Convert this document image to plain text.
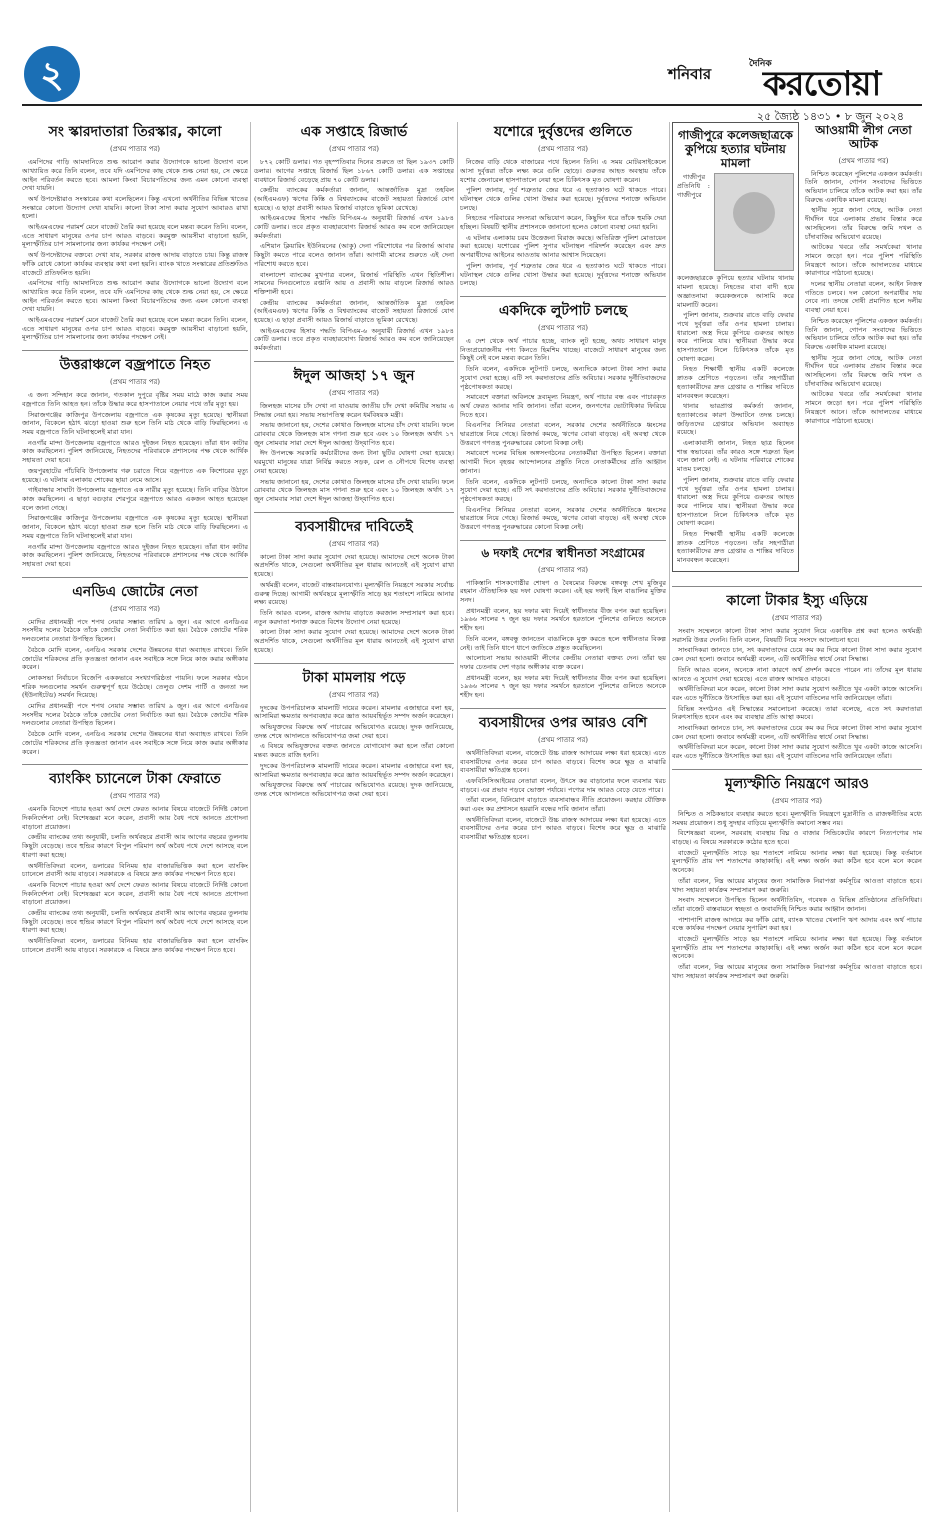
২	শনিবার
দৈনিক
করতোয়া
২৫ জ্যৈষ্ঠ ১৪৩১ • ৮ জুন ২০২৪
সং স্কারদাতারা তিরস্কার, কালো
(প্রথম পাতার পর)

এমপিদের গাড়ি আমদানিতে শুল্ক আরোপ করার উদ্যোগকে ভালো উদ্যোগ বলে আখ্যায়িত করে তিনি বলেন, তবে যদি এমপিদের কাছ থেকে শুল্ক নেয়া হয়, সে ক্ষেত্রে আইন পরিবর্তন করতে হবে। আমলা কিংবা বিচারপতিদের জন্য এমন কোনো ব্যবস্থা দেখা যায়নি।

অর্থ উপদেষ্টারাও সংস্কারের কথা বলেছিলেন। কিন্তু এখনো অর্থনীতির বিভিন্ন খাতের সংস্কারে কোনো উদ্যোগ দেখা যায়নি। কালো টাকা সাদা করার সুযোগ আবারও রাখা হলো।

আইএমএফের পরামর্শ মেনে বাজেট তৈরি করা হয়েছে বলে মন্তব্য করেন তিনি। বলেন, এতে সাধারণ মানুষের ওপর চাপ আরও বাড়বে। করমুক্ত আয়সীমা বাড়ানো হয়নি, মূল্যস্ফীতির চাপ সামলানোর জন্য কার্যকর পদক্ষেপ নেই।

অর্থ উপদেষ্টাদের বক্তব্যে দেখা যায়, সরকার রাজস্ব আদায় বাড়াতে চায়। কিন্তু রাজস্ব ফাঁকি রোধে কোনো কার্যকর ব্যবস্থার কথা বলা হয়নি। ব্যাংক খাতে সংস্কারের প্রতিশ্রুতিও বাজেটে প্রতিফলিত হয়নি।

এমপিদের গাড়ি আমদানিতে শুল্ক আরোপ করার উদ্যোগকে ভালো উদ্যোগ বলে আখ্যায়িত করে তিনি বলেন, তবে যদি এমপিদের কাছ থেকে শুল্ক নেয়া হয়, সে ক্ষেত্রে আইন পরিবর্তন করতে হবে। আমলা কিংবা বিচারপতিদের জন্য এমন কোনো ব্যবস্থা দেখা যায়নি।

আইএমএফের পরামর্শ মেনে বাজেট তৈরি করা হয়েছে বলে মন্তব্য করেন তিনি। বলেন, এতে সাধারণ মানুষের ওপর চাপ আরও বাড়বে। করমুক্ত আয়সীমা বাড়ানো হয়নি, মূল্যস্ফীতির চাপ সামলানোর জন্য কার্যকর পদক্ষেপ নেই।

উত্তরাঞ্চলে বজ্রপাতে নিহত
(প্রথম পাতার পর)

এ জন্য সন্দিহান করে জানান, গতকাল দুপুরে বৃষ্টির সময় মাঠে কাজ করার সময় বজ্রপাতে তিনি আহত হন। তাঁকে উদ্ধার করে হাসপাতালে নেয়ার পথে তাঁর মৃত্যু হয়।

সিরাজগঞ্জের কাজিপুর উপজেলায় বজ্রপাতে এক কৃষকের মৃত্যু হয়েছে। স্থানীয়রা জানান, বিকেলে হঠাৎ ঝড়ো হাওয়া শুরু হলে তিনি মাঠ থেকে বাড়ি ফিরছিলেন। এ সময় বজ্রপাতে তিনি ঘটনাস্থলেই মারা যান।

নওগাঁর মান্দা উপজেলায় বজ্রপাতে আরও দুইজন নিহত হয়েছেন। তাঁরা ধান কাটার কাজ করছিলেন। পুলিশ জানিয়েছে, নিহতদের পরিবারকে প্রশাসনের পক্ষ থেকে আর্থিক সহায়তা দেয়া হবে।

জয়পুরহাটের পাঁচবিবি উপজেলায় গরু চরাতে গিয়ে বজ্রপাতে এক কিশোরের মৃত্যু হয়েছে। এ ঘটনায় এলাকায় শোকের ছায়া নেমে আসে।

গাইবান্ধার সাঘাটা উপজেলায় বজ্রপাতে এক নারীর মৃত্যু হয়েছে। তিনি বাড়ির উঠানে কাজ করছিলেন। এ ছাড়া বগুড়ার শেরপুরে বজ্রপাতে আরও একজন আহত হয়েছেন বলে জানা গেছে।

সিরাজগঞ্জের কাজিপুর উপজেলায় বজ্রপাতে এক কৃষকের মৃত্যু হয়েছে। স্থানীয়রা জানান, বিকেলে হঠাৎ ঝড়ো হাওয়া শুরু হলে তিনি মাঠ থেকে বাড়ি ফিরছিলেন। এ সময় বজ্রপাতে তিনি ঘটনাস্থলেই মারা যান।

নওগাঁর মান্দা উপজেলায় বজ্রপাতে আরও দুইজন নিহত হয়েছেন। তাঁরা ধান কাটার কাজ করছিলেন। পুলিশ জানিয়েছে, নিহতদের পরিবারকে প্রশাসনের পক্ষ থেকে আর্থিক সহায়তা দেয়া হবে।

এনডিএ জোটের নেতা
(প্রথম পাতার পর)

মোদির প্রধানমন্ত্রী পদে শপথ নেয়ার সম্ভাব্য তারিখ ৯ জুন। এর আগে এনডিএর সংসদীয় দলের বৈঠকে তাঁকে জোটের নেতা নির্বাচিত করা হয়। বৈঠকে জোটের শরিক দলগুলোর নেতারা উপস্থিত ছিলেন।

বৈঠকে মোদি বলেন, এনডিএ সরকার দেশের উন্নয়নের ধারা অব্যাহত রাখবে। তিনি জোটের শরিকদের প্রতি কৃতজ্ঞতা জানান এবং সবাইকে সঙ্গে নিয়ে কাজ করার অঙ্গীকার করেন।

লোকসভা নির্বাচনে বিজেপি এককভাবে সংখ্যাগরিষ্ঠতা পায়নি। ফলে সরকার গঠনে শরিক দলগুলোর সমর্থন গুরুত্বপূর্ণ হয়ে উঠেছে। তেলুগু দেশম পার্টি ও জনতা দল (ইউনাইটেড) সমর্থন দিয়েছে।

মোদির প্রধানমন্ত্রী পদে শপথ নেয়ার সম্ভাব্য তারিখ ৯ জুন। এর আগে এনডিএর সংসদীয় দলের বৈঠকে তাঁকে জোটের নেতা নির্বাচিত করা হয়। বৈঠকে জোটের শরিক দলগুলোর নেতারা উপস্থিত ছিলেন।

বৈঠকে মোদি বলেন, এনডিএ সরকার দেশের উন্নয়নের ধারা অব্যাহত রাখবে। তিনি জোটের শরিকদের প্রতি কৃতজ্ঞতা জানান এবং সবাইকে সঙ্গে নিয়ে কাজ করার অঙ্গীকার করেন।

ব্যাংকিং চ্যানেলে টাকা ফেরাতে
(প্রথম পাতার পর)

এমনকি বিদেশে পাচার হওয়া অর্থ দেশে ফেরত আনার বিষয়ে বাজেটে নির্দিষ্ট কোনো দিকনির্দেশনা নেই। বিশেষজ্ঞরা মনে করেন, প্রবাসী আয় বৈধ পথে আনতে প্রণোদনা বাড়ানো প্রয়োজন।

কেন্দ্রীয় ব্যাংকের তথ্য অনুযায়ী, চলতি অর্থবছরে প্রবাসী আয় আগের বছরের তুলনায় কিছুটা বেড়েছে। তবে হুন্ডির কারণে বিপুল পরিমাণ অর্থ অবৈধ পথে দেশে আসছে বলে ধারণা করা হচ্ছে।

অর্থনীতিবিদরা বলেন, ডলারের বিনিময় হার বাজারভিত্তিক করা হলে ব্যাংকিং চ্যানেলে প্রবাসী আয় বাড়বে। সরকারকে এ বিষয়ে দ্রুত কার্যকর পদক্ষেপ নিতে হবে।

এমনকি বিদেশে পাচার হওয়া অর্থ দেশে ফেরত আনার বিষয়ে বাজেটে নির্দিষ্ট কোনো দিকনির্দেশনা নেই। বিশেষজ্ঞরা মনে করেন, প্রবাসী আয় বৈধ পথে আনতে প্রণোদনা বাড়ানো প্রয়োজন।

কেন্দ্রীয় ব্যাংকের তথ্য অনুযায়ী, চলতি অর্থবছরে প্রবাসী আয় আগের বছরের তুলনায় কিছুটা বেড়েছে। তবে হুন্ডির কারণে বিপুল পরিমাণ অর্থ অবৈধ পথে দেশে আসছে বলে ধারণা করা হচ্ছে।

অর্থনীতিবিদরা বলেন, ডলারের বিনিময় হার বাজারভিত্তিক করা হলে ব্যাংকিং চ্যানেলে প্রবাসী আয় বাড়বে। সরকারকে এ বিষয়ে দ্রুত কার্যকর পদক্ষেপ নিতে হবে।

এক সপ্তাহে রিজার্ভ
(প্রথম পাতার পর)

৮৭২ কোটি ডলার। গত বৃহস্পতিবার দিনের শুরুতে তা ছিল ১৯৩৭ কোটি ডলার। আগের সপ্তাহে রিজার্ভ ছিল ১৮৬৭ কোটি ডলার। এক সপ্তাহের ব্যবধানে রিজার্ভ বেড়েছে প্রায় ৭০ কোটি ডলার।

কেন্দ্রীয় ব্যাংকের কর্মকর্তারা জানান, আন্তর্জাতিক মুদ্রা তহবিল (আইএমএফ) ঋণের কিস্তি ও বিশ্বব্যাংকের বাজেট সহায়তা রিজার্ভে যোগ হয়েছে। এ ছাড়া প্রবাসী আয়ও রিজার্ভ বাড়াতে ভূমিকা রেখেছে।

আইএমএফের হিসাব পদ্ধতি বিপিএম-৬ অনুযায়ী রিজার্ভ এখন ১৯৮৪ কোটি ডলার। তবে প্রকৃত ব্যবহারযোগ্য রিজার্ভ আরও কম বলে জানিয়েছেন কর্মকর্তারা।

এশিয়ান ক্লিয়ারিং ইউনিয়নের (আকু) দেনা পরিশোধের পর রিজার্ভ আবার কিছুটা কমতে পারে বলেও জানান তাঁরা। আগামী মাসের শুরুতে এই দেনা পরিশোধ করতে হবে।

বাংলাদেশ ব্যাংকের মুখপাত্র বলেন, রিজার্ভ পরিস্থিতি এখন স্থিতিশীল। সামনের দিনগুলোতে রপ্তানি আয় ও প্রবাসী আয় বাড়লে রিজার্ভ আরও শক্তিশালী হবে।

কেন্দ্রীয় ব্যাংকের কর্মকর্তারা জানান, আন্তর্জাতিক মুদ্রা তহবিল (আইএমএফ) ঋণের কিস্তি ও বিশ্বব্যাংকের বাজেট সহায়তা রিজার্ভে যোগ হয়েছে। এ ছাড়া প্রবাসী আয়ও রিজার্ভ বাড়াতে ভূমিকা রেখেছে।

আইএমএফের হিসাব পদ্ধতি বিপিএম-৬ অনুযায়ী রিজার্ভ এখন ১৯৮৪ কোটি ডলার। তবে প্রকৃত ব্যবহারযোগ্য রিজার্ভ আরও কম বলে জানিয়েছেন কর্মকর্তারা।

ঈদুল আজহা ১৭ জুন
(প্রথম পাতার পর)

জিলহজ মাসের চাঁদ দেখা না যাওয়ায় জাতীয় চাঁদ দেখা কমিটির সভায় এ সিদ্ধান্ত নেয়া হয়। সভায় সভাপতিত্ব করেন ধর্মবিষয়ক মন্ত্রী।

সভায় জানানো হয়, দেশের কোথাও জিলহজ মাসের চাঁদ দেখা যায়নি। ফলে রোববার থেকে জিলহজ মাস গণনা শুরু হবে এবং ১০ জিলহজ অর্থাৎ ১৭ জুন সোমবার সারা দেশে ঈদুল আজহা উদ্‌যাপিত হবে।

ঈদ উপলক্ষে সরকারি কর্মচারীদের জন্য টানা ছুটির ঘোষণা দেয়া হয়েছে। ঘরমুখো মানুষের যাত্রা নির্বিঘ্ন করতে সড়ক, রেল ও নৌপথে বিশেষ ব্যবস্থা নেয়া হয়েছে।

সভায় জানানো হয়, দেশের কোথাও জিলহজ মাসের চাঁদ দেখা যায়নি। ফলে রোববার থেকে জিলহজ মাস গণনা শুরু হবে এবং ১০ জিলহজ অর্থাৎ ১৭ জুন সোমবার সারা দেশে ঈদুল আজহা উদ্‌যাপিত হবে।

ব্যবসায়ীদের দাবিতেই
(প্রথম পাতার পর)

কালো টাকা সাদা করার সুযোগ দেয়া হয়েছে। আমাদের দেশে অনেক টাকা অপ্রদর্শিত থাকে, সেগুলো অর্থনীতির মূল ধারায় আনতেই এই সুযোগ রাখা হয়েছে।

অর্থমন্ত্রী বলেন, বাজেট বাস্তবায়নযোগ্য। মূল্যস্ফীতি নিয়ন্ত্রণে সরকার সর্বোচ্চ গুরুত্ব দিচ্ছে। আগামী অর্থবছরে মূল্যস্ফীতি সাড়ে ছয় শতাংশে নামিয়ে আনার লক্ষ্য রয়েছে।

তিনি আরও বলেন, রাজস্ব আদায় বাড়াতে করজাল সম্প্রসারণ করা হবে। নতুন করদাতা শনাক্ত করতে বিশেষ উদ্যোগ নেয়া হয়েছে।

কালো টাকা সাদা করার সুযোগ দেয়া হয়েছে। আমাদের দেশে অনেক টাকা অপ্রদর্শিত থাকে, সেগুলো অর্থনীতির মূল ধারায় আনতেই এই সুযোগ রাখা হয়েছে।

টাকা মামলায় পড়ে
(প্রথম পাতার পর)

দুদকের উপপরিচালক মামলাটি দায়ের করেন। মামলার এজাহারে বলা হয়, আসামিরা ক্ষমতার অপব্যবহার করে জ্ঞাত আয়বহির্ভূত সম্পদ অর্জন করেছেন।

অভিযুক্তদের বিরুদ্ধে অর্থ পাচারের অভিযোগও রয়েছে। দুদক জানিয়েছে, তদন্ত শেষে আদালতে অভিযোগপত্র জমা দেয়া হবে।

এ বিষয়ে অভিযুক্তদের বক্তব্য জানতে যোগাযোগ করা হলে তাঁরা কোনো মন্তব্য করতে রাজি হননি।

দুদকের উপপরিচালক মামলাটি দায়ের করেন। মামলার এজাহারে বলা হয়, আসামিরা ক্ষমতার অপব্যবহার করে জ্ঞাত আয়বহির্ভূত সম্পদ অর্জন করেছেন।

অভিযুক্তদের বিরুদ্ধে অর্থ পাচারের অভিযোগও রয়েছে। দুদক জানিয়েছে, তদন্ত শেষে আদালতে অভিযোগপত্র জমা দেয়া হবে।

যশোরে দুর্বৃত্তদের গুলিতে
(প্রথম পাতার পর)

নিজের বাড়ি থেকে বাজারের পথে ছিলেন তিনি। এ সময় মোটরসাইকেলে আসা দুর্বৃত্তরা তাঁকে লক্ষ্য করে গুলি ছোড়ে। গুরুতর আহত অবস্থায় তাঁকে যশোর জেনারেল হাসপাতালে নেয়া হলে চিকিৎসক মৃত ঘোষণা করেন।

পুলিশ জানায়, পূর্ব শত্রুতার জের ধরে এ হত্যাকাণ্ড ঘটে থাকতে পারে। ঘটনাস্থল থেকে গুলির খোসা উদ্ধার করা হয়েছে। দুর্বৃত্তদের শনাক্তে অভিযান চলছে।

নিহতের পরিবারের সদস্যরা অভিযোগ করেন, কিছুদিন ধরে তাঁকে হুমকি দেয়া হচ্ছিল। বিষয়টি স্থানীয় প্রশাসনকে জানানো হলেও কোনো ব্যবস্থা নেয়া হয়নি।

এ ঘটনায় এলাকায় চরম উত্তেজনা বিরাজ করছে। অতিরিক্ত পুলিশ মোতায়েন করা হয়েছে। যশোরের পুলিশ সুপার ঘটনাস্থল পরিদর্শন করেছেন এবং দ্রুত অপরাধীদের আইনের আওতায় আনার আশ্বাস দিয়েছেন।

পুলিশ জানায়, পূর্ব শত্রুতার জের ধরে এ হত্যাকাণ্ড ঘটে থাকতে পারে। ঘটনাস্থল থেকে গুলির খোসা উদ্ধার করা হয়েছে। দুর্বৃত্তদের শনাক্তে অভিযান চলছে।

একদিকে লুটপাট চলছে
(প্রথম পাতার পর)

এ দেশ থেকে অর্থ পাচার হচ্ছে, ব্যাংক লুট হচ্ছে, অথচ সাধারণ মানুষ নিত্যপ্রয়োজনীয় পণ্য কিনতে হিমশিম খাচ্ছে। বাজেটে সাধারণ মানুষের জন্য কিছুই নেই বলে মন্তব্য করেন তিনি।

তিনি বলেন, একদিকে লুটপাট চলছে, অন্যদিকে কালো টাকা সাদা করার সুযোগ দেয়া হচ্ছে। এটি সৎ করদাতাদের প্রতি অবিচার। সরকার দুর্নীতিবাজদের পৃষ্ঠপোষকতা করছে।

সমাবেশে বক্তারা অবিলম্বে দ্রব্যমূল্য নিয়ন্ত্রণ, অর্থ পাচার বন্ধ এবং পাচারকৃত অর্থ ফেরত আনার দাবি জানান। তাঁরা বলেন, জনগণের ভোটাধিকার ফিরিয়ে দিতে হবে।

বিএনপির সিনিয়র নেতারা বলেন, সরকার দেশের অর্থনীতিকে ধ্বংসের দ্বারপ্রান্তে নিয়ে গেছে। রিজার্ভ কমছে, ঋণের বোঝা বাড়ছে। এই অবস্থা থেকে উত্তরণে গণতন্ত্র পুনরুদ্ধারের কোনো বিকল্প নেই।

সমাবেশে দলের বিভিন্ন অঙ্গসংগঠনের নেতাকর্মীরা উপস্থিত ছিলেন। বক্তারা আগামী দিনে বৃহত্তর আন্দোলনের প্রস্তুতি নিতে নেতাকর্মীদের প্রতি আহ্বান জানান।

তিনি বলেন, একদিকে লুটপাট চলছে, অন্যদিকে কালো টাকা সাদা করার সুযোগ দেয়া হচ্ছে। এটি সৎ করদাতাদের প্রতি অবিচার। সরকার দুর্নীতিবাজদের পৃষ্ঠপোষকতা করছে।

বিএনপির সিনিয়র নেতারা বলেন, সরকার দেশের অর্থনীতিকে ধ্বংসের দ্বারপ্রান্তে নিয়ে গেছে। রিজার্ভ কমছে, ঋণের বোঝা বাড়ছে। এই অবস্থা থেকে উত্তরণে গণতন্ত্র পুনরুদ্ধারের কোনো বিকল্প নেই।

৬ দফাই দেশের স্বাধীনতা সংগ্রামের
(প্রথম পাতার পর)

পাকিস্তানি শাসকগোষ্ঠীর শোষণ ও বৈষম্যের বিরুদ্ধে বঙ্গবন্ধু শেখ মুজিবুর রহমান ঐতিহাসিক ছয় দফা ঘোষণা করেন। এই ছয় দফাই ছিল বাঙালির মুক্তির সনদ।

প্রধানমন্ত্রী বলেন, ছয় দফার মধ্য দিয়েই স্বাধীনতার বীজ বপন করা হয়েছিল। ১৯৬৬ সালের ৭ জুন ছয় দফার সমর্থনে হরতালে পুলিশের গুলিতে অনেকে শহীদ হন।

তিনি বলেন, বঙ্গবন্ধু জানতেন বাঙালিকে মুক্ত করতে হলে স্বাধীনতার বিকল্প নেই। তাই তিনি ধাপে ধাপে জাতিকে প্রস্তুত করেছিলেন।

আলোচনা সভায় আওয়ামী লীগের কেন্দ্রীয় নেতারা বক্তব্য দেন। তাঁরা ছয় দফার চেতনায় দেশ গড়ার অঙ্গীকার ব্যক্ত করেন।

প্রধানমন্ত্রী বলেন, ছয় দফার মধ্য দিয়েই স্বাধীনতার বীজ বপন করা হয়েছিল। ১৯৬৬ সালের ৭ জুন ছয় দফার সমর্থনে হরতালে পুলিশের গুলিতে অনেকে শহীদ হন।

ব্যবসায়ীদের ওপর আরও বেশি
(প্রথম পাতার পর)

অর্থনীতিবিদরা বলেন, বাজেটে উচ্চ রাজস্ব আদায়ের লক্ষ্য ধরা হয়েছে। এতে ব্যবসায়ীদের ওপর করের চাপ আরও বাড়বে। বিশেষ করে ক্ষুদ্র ও মাঝারি ব্যবসায়ীরা ক্ষতিগ্রস্ত হবেন।

এফবিসিসিআইয়ের নেতারা বলেন, উৎসে কর বাড়ানোর ফলে ব্যবসার খরচ বাড়বে। এর প্রভাব পড়বে ভোক্তা পর্যায়ে। পণ্যের দাম আরও বেড়ে যেতে পারে।

তাঁরা বলেন, বিনিয়োগ বাড়াতে ব্যবসাবান্ধব নীতি প্রয়োজন। করহার যৌক্তিক করা এবং কর প্রশাসনে হয়রানি বন্ধের দাবি জানান তাঁরা।

অর্থনীতিবিদরা বলেন, বাজেটে উচ্চ রাজস্ব আদায়ের লক্ষ্য ধরা হয়েছে। এতে ব্যবসায়ীদের ওপর করের চাপ আরও বাড়বে। বিশেষ করে ক্ষুদ্র ও মাঝারি ব্যবসায়ীরা ক্ষতিগ্রস্ত হবেন।

গাজীপুরে কলেজছাত্রকে কুপিয়ে হত্যার ঘটনায় মামলা

গাজীপুর প্রতিনিধি : গাজীপুরে কলেজছাত্রকে কুপিয়ে হত্যার ঘটনায় থানায় মামলা হয়েছে। নিহতের বাবা বাদী হয়ে অজ্ঞাতনামা কয়েকজনকে আসামি করে মামলাটি করেন।

পুলিশ জানায়, শুক্রবার রাতে বাড়ি ফেরার পথে দুর্বৃত্তরা তাঁর ওপর হামলা চালায়। ধারালো অস্ত্র দিয়ে কুপিয়ে গুরুতর আহত করে পালিয়ে যায়। স্থানীয়রা উদ্ধার করে হাসপাতালে নিলে চিকিৎসক তাঁকে মৃত ঘোষণা করেন।

নিহত শিক্ষার্থী স্থানীয় একটি কলেজে স্নাতক শ্রেণিতে পড়তেন। তাঁর সহপাঠীরা হত্যাকারীদের দ্রুত গ্রেপ্তার ও শাস্তির দাবিতে মানববন্ধন করেছেন।

থানার ভারপ্রাপ্ত কর্মকর্তা জানান, হত্যাকাণ্ডের কারণ উদ্ঘাটনে তদন্ত চলছে। জড়িতদের গ্রেপ্তারে অভিযান অব্যাহত রয়েছে।

এলাকাবাসী জানান, নিহত ছাত্র ছিলেন শান্ত স্বভাবের। তাঁর কারও সঙ্গে শত্রুতা ছিল বলে জানা নেই। এ ঘটনায় পরিবারে শোকের মাতম চলছে।

পুলিশ জানায়, শুক্রবার রাতে বাড়ি ফেরার পথে দুর্বৃত্তরা তাঁর ওপর হামলা চালায়। ধারালো অস্ত্র দিয়ে কুপিয়ে গুরুতর আহত করে পালিয়ে যায়। স্থানীয়রা উদ্ধার করে হাসপাতালে নিলে চিকিৎসক তাঁকে মৃত ঘোষণা করেন।

নিহত শিক্ষার্থী স্থানীয় একটি কলেজে স্নাতক শ্রেণিতে পড়তেন। তাঁর সহপাঠীরা হত্যাকারীদের দ্রুত গ্রেপ্তার ও শাস্তির দাবিতে মানববন্ধন করেছেন।

আওয়ামী লীগ নেতা আটক
(প্রথম পাতার পর)

নিশ্চিত করেছেন পুলিশের একজন কর্মকর্তা। তিনি জানান, গোপন সংবাদের ভিত্তিতে অভিযান চালিয়ে তাঁকে আটক করা হয়। তাঁর বিরুদ্ধে একাধিক মামলা রয়েছে।

স্থানীয় সূত্রে জানা গেছে, আটক নেতা দীর্ঘদিন ধরে এলাকায় প্রভাব বিস্তার করে আসছিলেন। তাঁর বিরুদ্ধে জমি দখল ও চাঁদাবাজির অভিযোগ রয়েছে।

আটকের খবরে তাঁর সমর্থকেরা থানার সামনে জড়ো হন। পরে পুলিশ পরিস্থিতি নিয়ন্ত্রণে আনে। তাঁকে আদালতের মাধ্যমে কারাগারে পাঠানো হয়েছে।

দলের স্থানীয় নেতারা বলেন, আইন নিজস্ব গতিতে চলবে। দল কোনো অপরাধীর দায় নেবে না। তদন্তে দোষী প্রমাণিত হলে দলীয় ব্যবস্থা নেয়া হবে।

নিশ্চিত করেছেন পুলিশের একজন কর্মকর্তা। তিনি জানান, গোপন সংবাদের ভিত্তিতে অভিযান চালিয়ে তাঁকে আটক করা হয়। তাঁর বিরুদ্ধে একাধিক মামলা রয়েছে।

স্থানীয় সূত্রে জানা গেছে, আটক নেতা দীর্ঘদিন ধরে এলাকায় প্রভাব বিস্তার করে আসছিলেন। তাঁর বিরুদ্ধে জমি দখল ও চাঁদাবাজির অভিযোগ রয়েছে।

আটকের খবরে তাঁর সমর্থকেরা থানার সামনে জড়ো হন। পরে পুলিশ পরিস্থিতি নিয়ন্ত্রণে আনে। তাঁকে আদালতের মাধ্যমে কারাগারে পাঠানো হয়েছে।

কালো টাকার ইস্যু এড়িয়ে
(প্রথম পাতার পর)

সংবাদ সম্মেলনে কালো টাকা সাদা করার সুযোগ নিয়ে একাধিক প্রশ্ন করা হলেও অর্থমন্ত্রী সরাসরি উত্তর দেননি। তিনি বলেন, বিষয়টি নিয়ে সংসদে আলোচনা হবে।

সাংবাদিকরা জানতে চান, সৎ করদাতাদের চেয়ে কম কর দিয়ে কালো টাকা সাদা করার সুযোগ কেন দেয়া হলো। জবাবে অর্থমন্ত্রী বলেন, এটি অর্থনীতির স্বার্থে নেয়া সিদ্ধান্ত।

তিনি আরও বলেন, অনেকে নানা কারণে অর্থ প্রদর্শন করতে পারেন না। তাঁদের মূল ধারায় আনতে এ সুযোগ দেয়া হয়েছে। এতে রাজস্ব আদায়ও বাড়বে।

অর্থনীতিবিদরা মনে করেন, কালো টাকা সাদা করার সুযোগ অতীতে খুব একটা কাজে আসেনি। বরং এতে দুর্নীতিকে উৎসাহিত করা হয়। এই সুযোগ বাতিলের দাবি জানিয়েছেন তাঁরা।

বিভিন্ন সংগঠনও এই সিদ্ধান্তের সমালোচনা করেছে। তারা বলেছে, এতে সৎ করদাতারা নিরুৎসাহিত হবেন এবং কর ব্যবস্থার প্রতি আস্থা কমবে।

সাংবাদিকরা জানতে চান, সৎ করদাতাদের চেয়ে কম কর দিয়ে কালো টাকা সাদা করার সুযোগ কেন দেয়া হলো। জবাবে অর্থমন্ত্রী বলেন, এটি অর্থনীতির স্বার্থে নেয়া সিদ্ধান্ত।

অর্থনীতিবিদরা মনে করেন, কালো টাকা সাদা করার সুযোগ অতীতে খুব একটা কাজে আসেনি। বরং এতে দুর্নীতিকে উৎসাহিত করা হয়। এই সুযোগ বাতিলের দাবি জানিয়েছেন তাঁরা।

মূল্যস্ফীতি নিয়ন্ত্রণে আরও
(প্রথম পাতার পর)

নিশ্চিত ও সঠিকভাবে ব্যবহার করতে হবে। মূল্যস্ফীতি নিয়ন্ত্রণে মুদ্রানীতি ও রাজস্বনীতির মধ্যে সমন্বয় প্রয়োজন। শুধু সুদহার বাড়িয়ে মূল্যস্ফীতি কমানো সম্ভব নয়।

বিশেষজ্ঞরা বলেন, সরবরাহ ব্যবস্থায় বিঘ্ন ও বাজার সিন্ডিকেটের কারণে নিত্যপণ্যের দাম বাড়ছে। এ বিষয়ে সরকারকে কঠোর হতে হবে।

বাজেটে মূল্যস্ফীতি সাড়ে ছয় শতাংশে নামিয়ে আনার লক্ষ্য ধরা হয়েছে। কিন্তু বর্তমানে মূল্যস্ফীতি প্রায় দশ শতাংশের কাছাকাছি। এই লক্ষ্য অর্জন করা কঠিন হবে বলে মনে করেন অনেকে।

তাঁরা বলেন, নিম্ন আয়ের মানুষের জন্য সামাজিক নিরাপত্তা কর্মসূচির আওতা বাড়াতে হবে। খাদ্য সহায়তা কার্যক্রম সম্প্রসারণ করা জরুরি।

সংবাদ সম্মেলনে উপস্থিত ছিলেন অর্থনীতিবিদ, গবেষক ও বিভিন্ন প্রতিষ্ঠানের প্রতিনিধিরা। তাঁরা বাজেট বাস্তবায়নে স্বচ্ছতা ও জবাবদিহি নিশ্চিত করার আহ্বান জানান।

পাশাপাশি রাজস্ব আদায়ে কর ফাঁকি রোধ, ব্যাংক খাতের খেলাপি ঋণ আদায় এবং অর্থ পাচার বন্ধে কার্যকর পদক্ষেপ নেয়ার সুপারিশ করা হয়।

বাজেটে মূল্যস্ফীতি সাড়ে ছয় শতাংশে নামিয়ে আনার লক্ষ্য ধরা হয়েছে। কিন্তু বর্তমানে মূল্যস্ফীতি প্রায় দশ শতাংশের কাছাকাছি। এই লক্ষ্য অর্জন করা কঠিন হবে বলে মনে করেন অনেকে।

তাঁরা বলেন, নিম্ন আয়ের মানুষের জন্য সামাজিক নিরাপত্তা কর্মসূচির আওতা বাড়াতে হবে। খাদ্য সহায়তা কার্যক্রম সম্প্রসারণ করা জরুরি।
